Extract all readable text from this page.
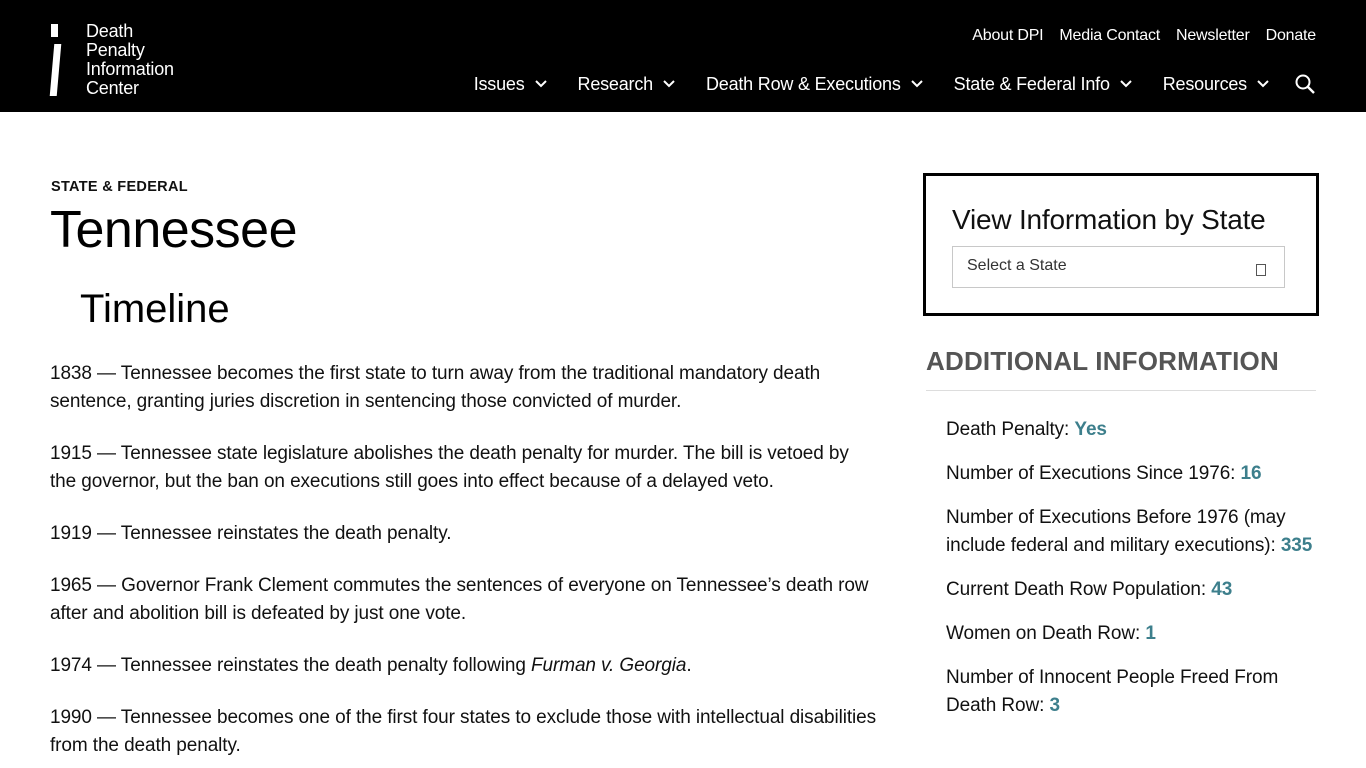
Death
Penalty
Information
Center
About DPI Media Contact Newsletter Donate
Issues	Research	Death Row & Executions	State & Federal Info	Resources
STATE & FEDERAL
Tennessee
Timeline

1838 — Tennessee becomes the first state to turn away from the traditional mandatory death sentence, granting juries discretion in sentencing those convicted of murder.

1915 — Tennessee state legislature abolishes the death penalty for murder. The bill is vetoed by the governor, but the ban on executions still goes into effect because of a delayed veto.

1919 — Tennessee reinstates the death penalty.

1965 — Governor Frank Clement commutes the sentences of everyone on Tennessee’s death row after and abolition bill is defeated by just one vote.

1974 — Tennessee reinstates the death penalty following Furman v. Georgia.

1990 — Tennessee becomes one of the first four states to exclude those with intellectual disabilities from the death penalty.

View Information by State
Select a State
ADDITIONAL INFORMATION
Death Penalty: Yes
Number of Executions Since 1976: 16
Number of Executions Before 1976 (may include federal and military executions): 335
Current Death Row Population: 43
Women on Death Row: 1
Number of Innocent People Freed From Death Row: 3
